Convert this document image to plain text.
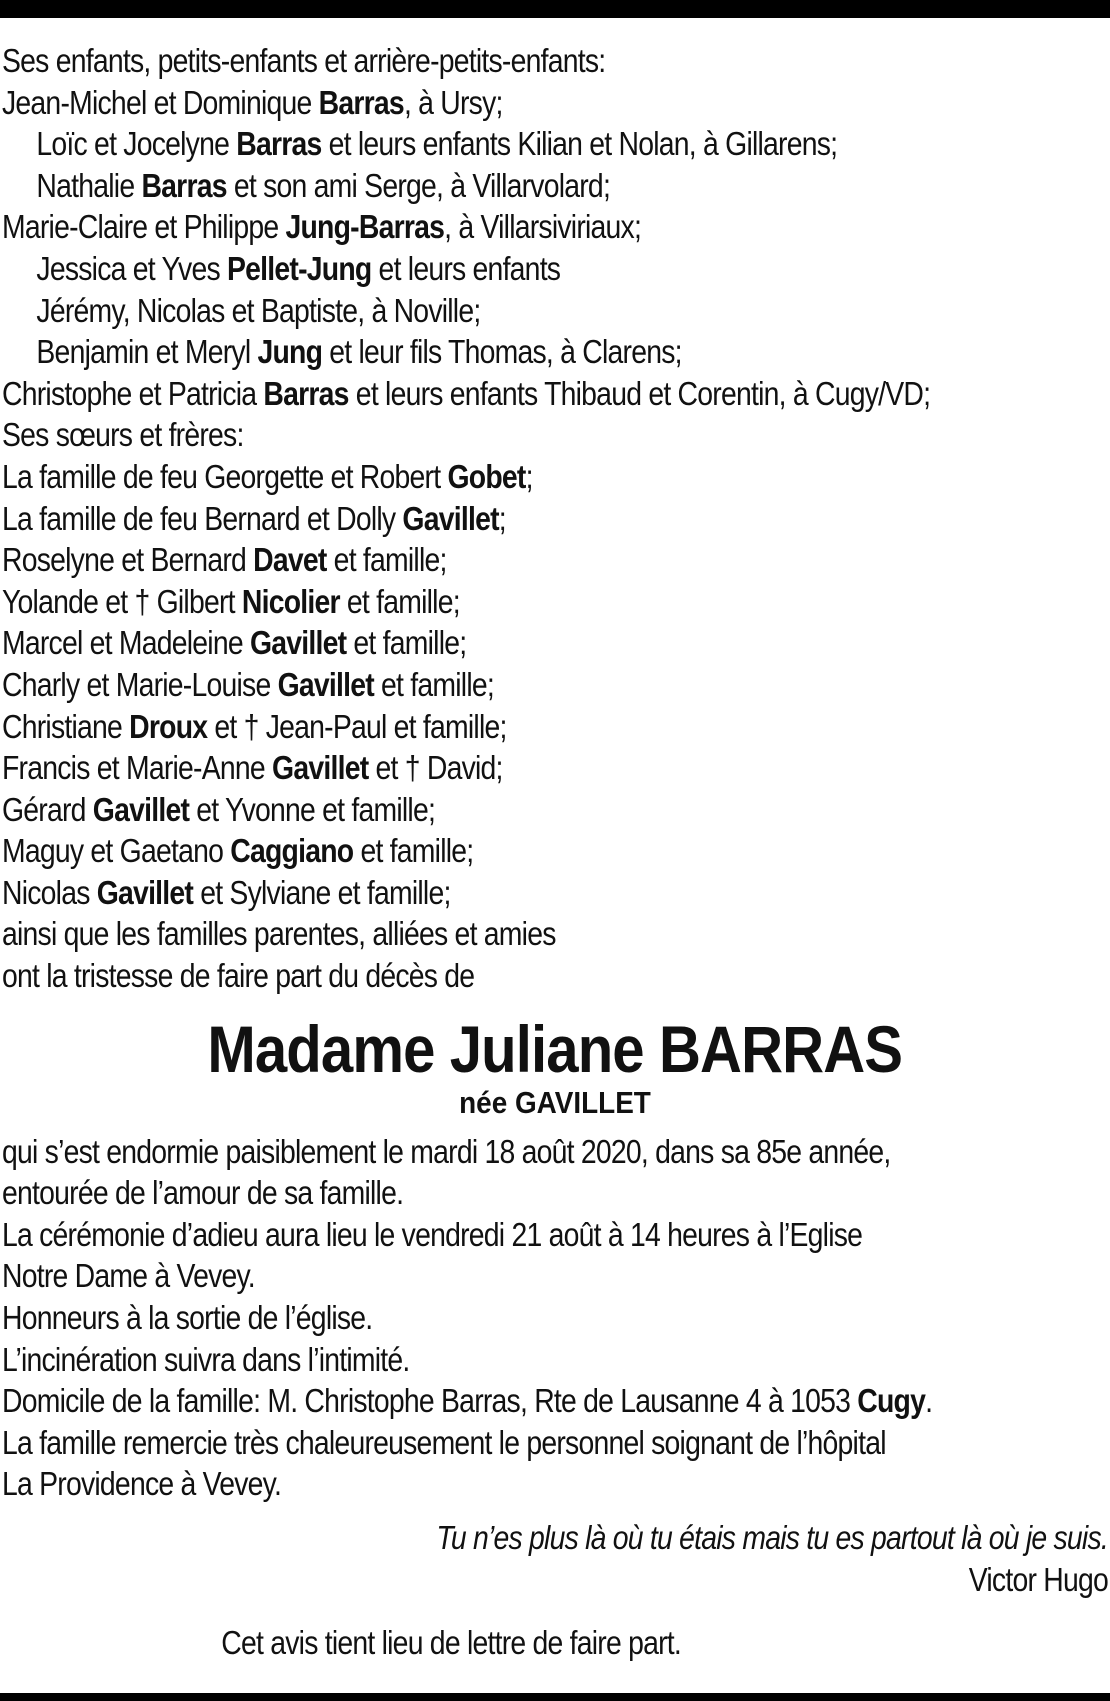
Ses enfants, petits-enfants et arrière-petits-enfants:
Jean-Michel et Dominique Barras, à Ursy;
Loïc et Jocelyne Barras et leurs enfants Kilian et Nolan, à Gillarens;
Nathalie Barras et son ami Serge, à Villarvolard;
Marie-Claire et Philippe Jung-Barras, à Villarsiviriaux;
Jessica et Yves Pellet-Jung et leurs enfants
Jérémy, Nicolas et Baptiste, à Noville;
Benjamin et Meryl Jung et leur fils Thomas, à Clarens;
Christophe et Patricia Barras et leurs enfants Thibaud et Corentin, à Cugy/VD;
Ses sœurs et frères:
La famille de feu Georgette et Robert Gobet;
La famille de feu Bernard et Dolly Gavillet;
Roselyne et Bernard Davet et famille;
Yolande et † Gilbert Nicolier et famille;
Marcel et Madeleine Gavillet et famille;
Charly et Marie-Louise Gavillet et famille;
Christiane Droux et † Jean-Paul et famille;
Francis et Marie-Anne Gavillet et † David;
Gérard Gavillet et Yvonne et famille;
Maguy et Gaetano Caggiano et famille;
Nicolas Gavillet et Sylviane et famille;
ainsi que les familles parentes, alliées et amies
ont la tristesse de faire part du décès de
Madame Juliane BARRAS
née GAVILLET
qui s’est endormie paisiblement le mardi 18 août 2020, dans sa 85e année,
entourée de l’amour de sa famille.
La cérémonie d’adieu aura lieu le vendredi 21 août à 14 heures à l’Eglise
Notre Dame à Vevey.
Honneurs à la sortie de l’église.
L’incinération suivra dans l’intimité.
Domicile de la famille: M. Christophe Barras, Rte de Lausanne 4 à 1053 Cugy.
La famille remercie très chaleureusement le personnel soignant de l’hôpital
La Providence à Vevey.
Tu n’es plus là où tu étais mais tu es partout là où je suis.
Victor Hugo
Cet avis tient lieu de lettre de faire part.
